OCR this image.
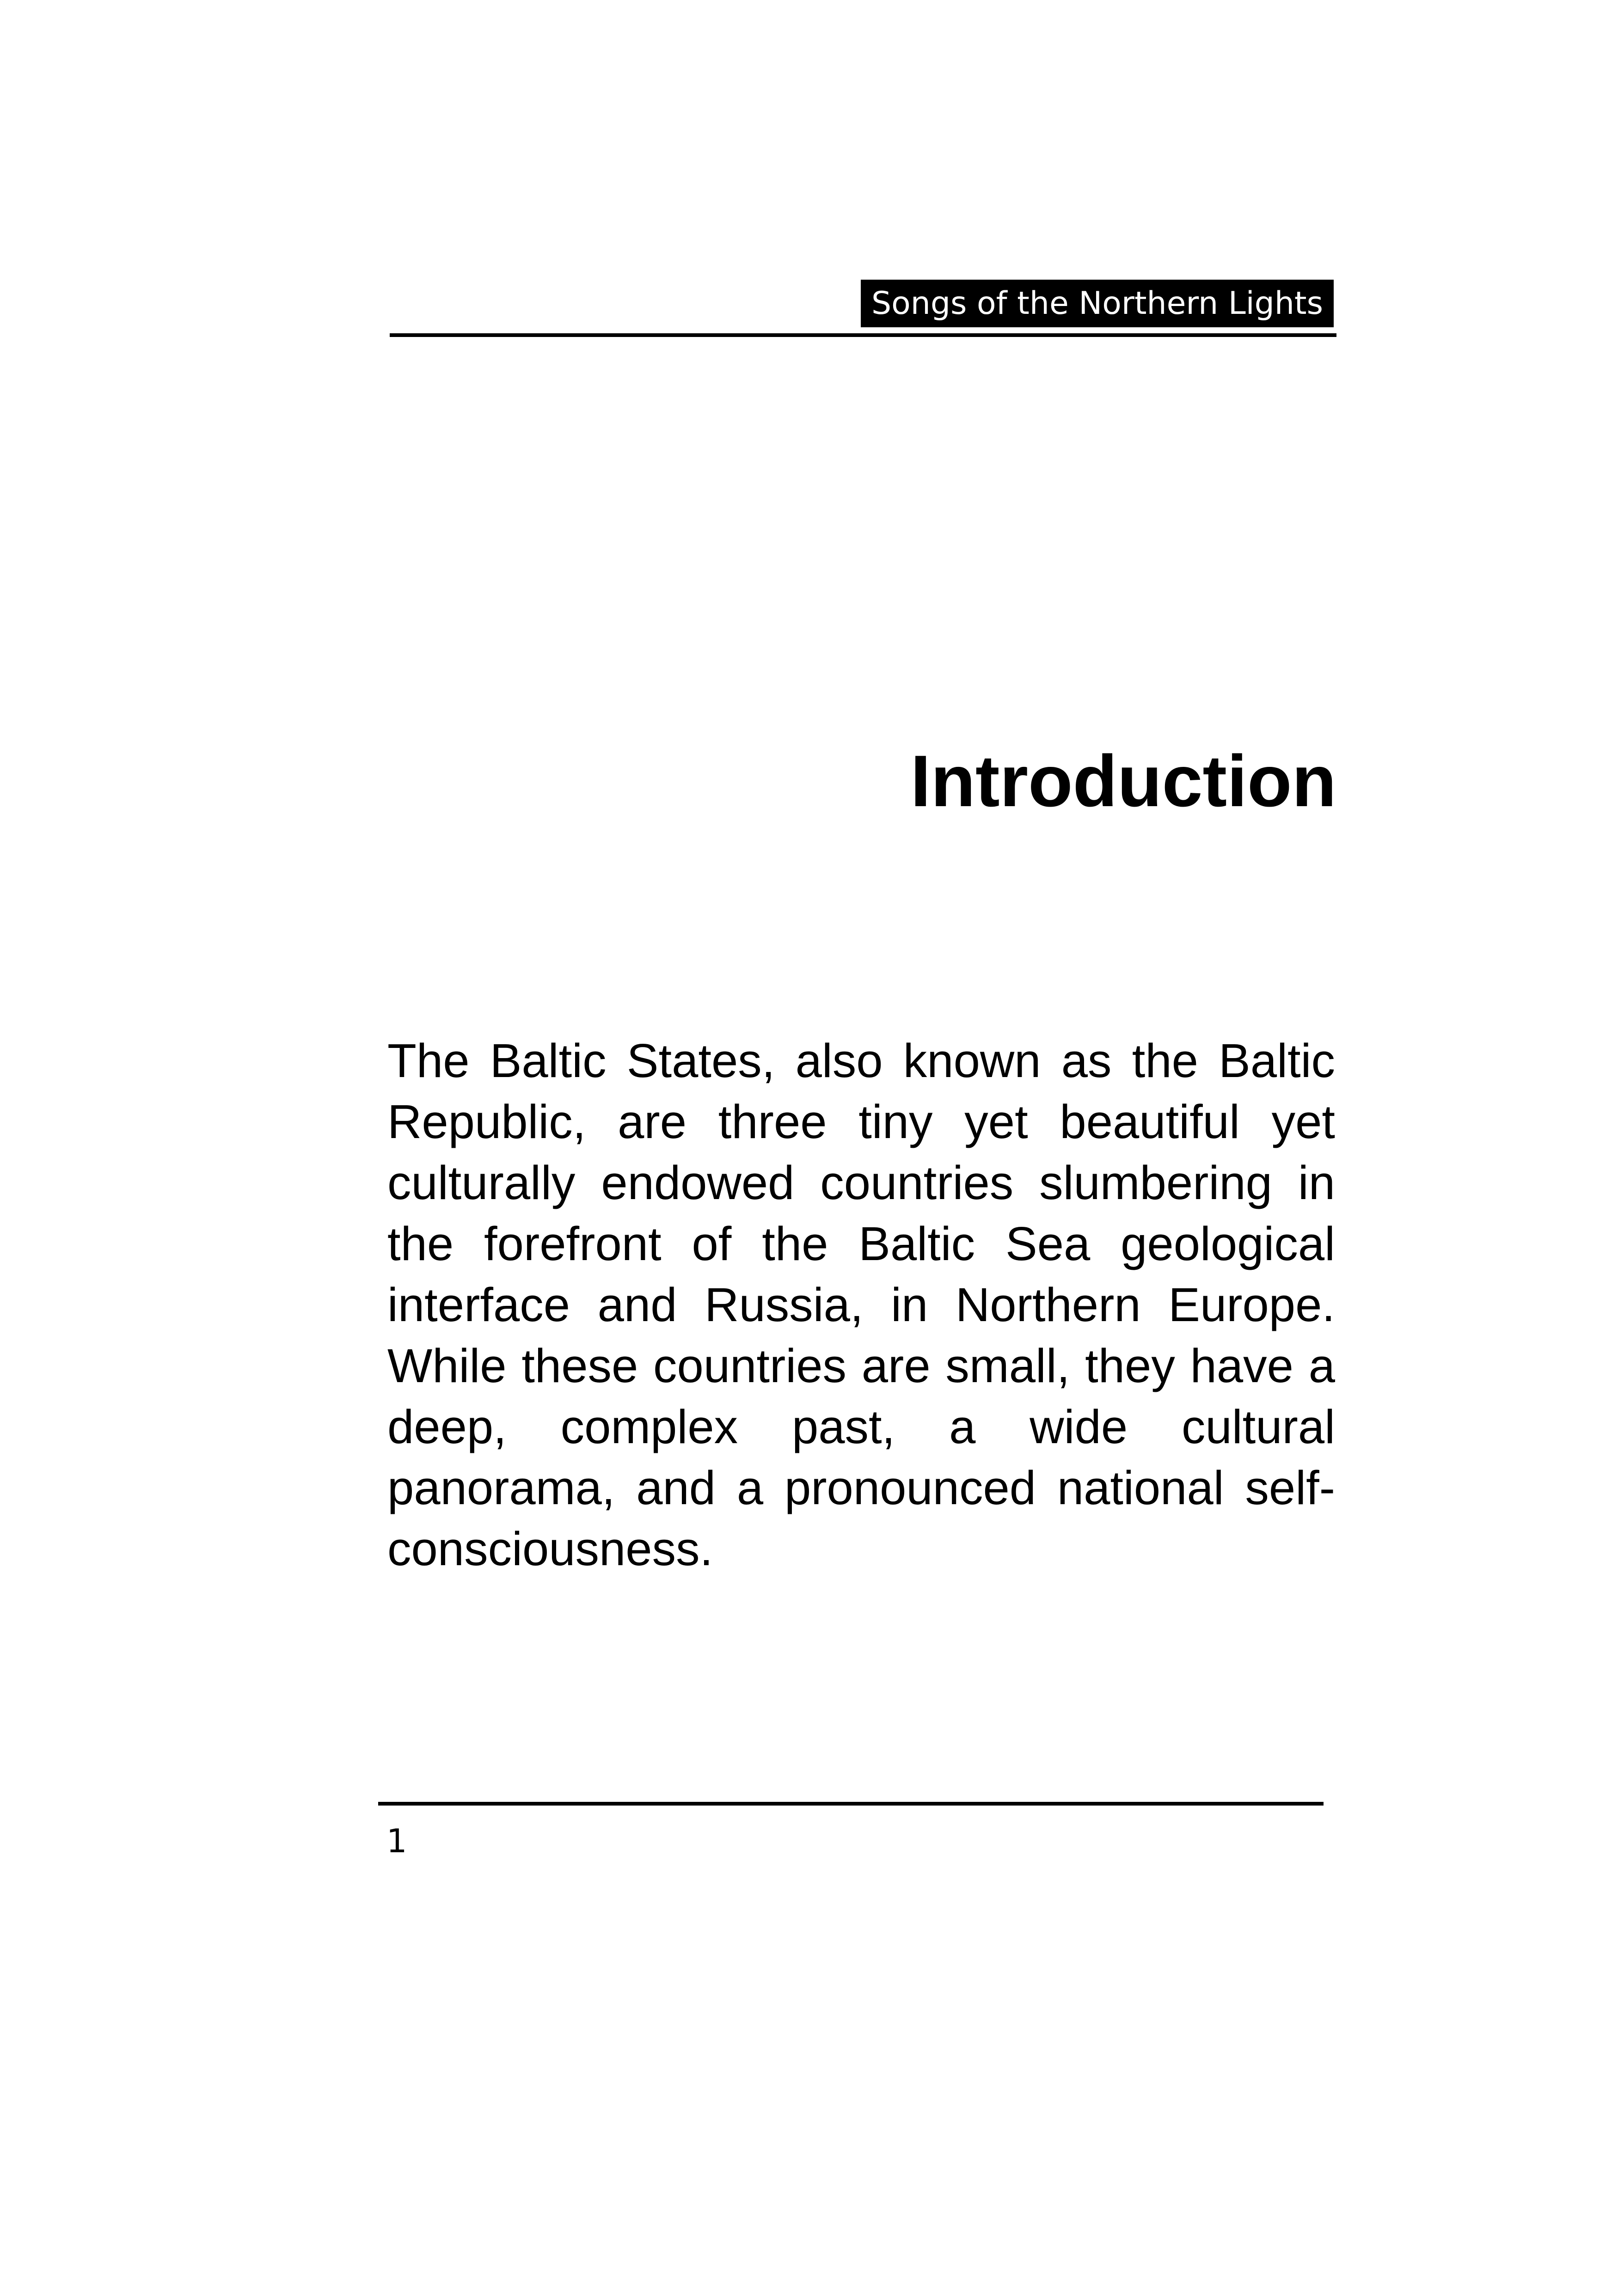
Songs of the Northern Lights
Introduction

The Baltic States, also known as the Baltic Republic, are three tiny yet beautiful yet culturally endowed countries slumbering in the forefront of the Baltic Sea geological interface and Russia, in Northern Europe. While these countries are small, they have a deep, complex past, a wide cultural panorama, and a pronounced national self-consciousness.

1
